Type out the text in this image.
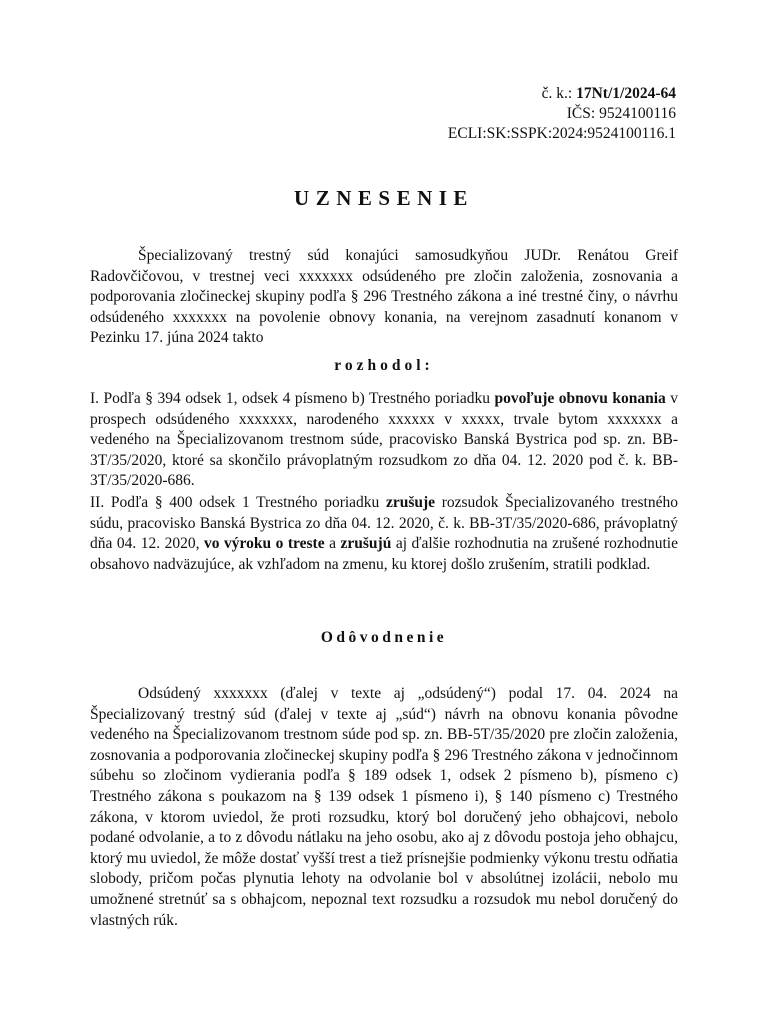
č. k.: 17Nt/1/2024-64
IČS: 9524100116
ECLI:SK:SSPK:2024:9524100116.1
UZNESENIE
Špecializovaný trestný súd konajúci samosudkyňou JUDr. Renátou Greif Radovčičovou, v trestnej veci xxxxxxx odsúdeného pre zločin založenia, zosnovania a podporovania zločineckej skupiny podľa § 296 Trestného zákona a iné trestné činy, o návrhu odsúdeného xxxxxxx na povolenie obnovy konania, na verejnom zasadnutí konanom v Pezinku 17. júna 2024 takto
rozhodol:
I. Podľa § 394 odsek 1, odsek 4 písmeno b) Trestného poriadku povoľuje obnovu konania v prospech odsúdeného xxxxxxx, narodeného xxxxxx v xxxxx, trvale bytom xxxxxxx a vedeného na Špecializovanom trestnom súde, pracovisko Banská Bystrica pod sp. zn. BB-3T/35/2020, ktoré sa skončilo právoplatným rozsudkom zo dňa 04. 12. 2020 pod č. k. BB-3T/35/2020-686.
II. Podľa § 400 odsek 1 Trestného poriadku zrušuje rozsudok Špecializovaného trestného súdu, pracovisko Banská Bystrica zo dňa 04. 12. 2020, č. k. BB-3T/35/2020-686, právoplatný dňa 04. 12. 2020, vo výroku o treste a zrušujú aj ďalšie rozhodnutia na zrušené rozhodnutie obsahovo nadväzujúce, ak vzhľadom na zmenu, ku ktorej došlo zrušením, stratili podklad.
Odôvodnenie
Odsúdený xxxxxxx (ďalej v texte aj „odsúdený“) podal 17. 04. 2024 na Špecializovaný trestný súd (ďalej v texte aj „súd“) návrh na obnovu konania pôvodne vedeného na Špecializovanom trestnom súde pod sp. zn. BB-5T/35/2020 pre zločin založenia, zosnovania a podporovania zločineckej skupiny podľa § 296 Trestného zákona v jednočinnom súbehu so zločinom vydierania podľa § 189 odsek 1, odsek 2 písmeno b), písmeno c) Trestného zákona s poukazom na § 139 odsek 1 písmeno i), § 140 písmeno c) Trestného zákona, v ktorom uviedol, že proti rozsudku, ktorý bol doručený jeho obhajcovi, nebolo podané odvolanie, a to z dôvodu nátlaku na jeho osobu, ako aj z dôvodu postoja jeho obhajcu, ktorý mu uviedol, že môže dostať vyšší trest a tiež prísnejšie podmienky výkonu trestu odňatia slobody, pričom počas plynutia lehoty na odvolanie bol v absolútnej izolácii, nebolo mu umožnené stretnúť sa s obhajcom, nepoznal text rozsudku a rozsudok mu nebol doručený do vlastných rúk.
